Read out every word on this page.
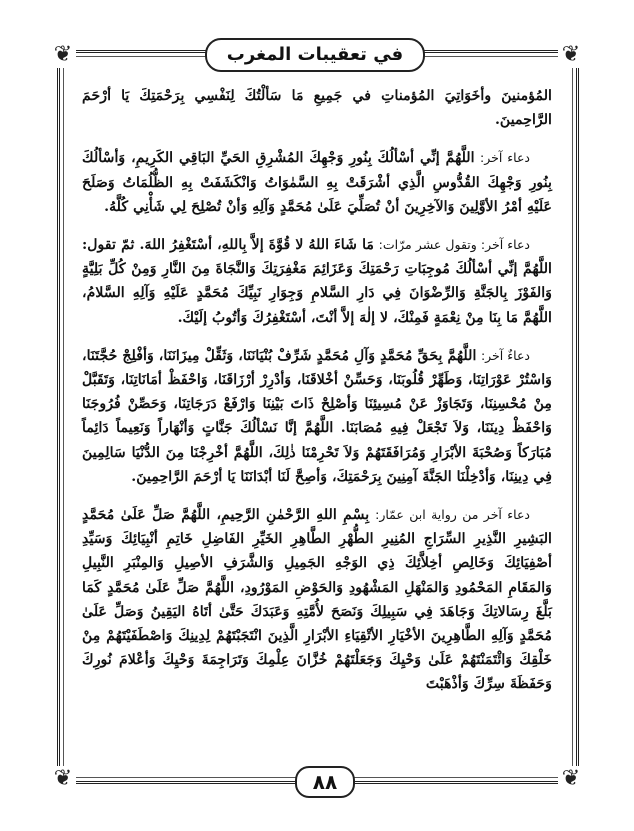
❦	❦
❦	❦
في تعقيبات المغرب

المُؤمنينَ وأخَوَاتِيَ المُؤمناتِ في جَمِيعِ مَا سَألْتُكَ لِنَفْسِي بِرَحْمَتِكَ يَا أرْحَمَ الرَّاحِمينَ.

دعاء آخر: اللَّهُمَّ إنِّي أسْألُكَ بِنُورِ وَجْهِكَ المُشْرِقِ الحَيِّ البَاقِي الكَرِيمِ، وَأسْألُكَ بِنُورِ وَجْهِكَ القُدُّوسِ الَّذِي أشْرَقَتْ بِهِ السَّمٰوَاتُ وَانْكَشَفَتْ بِهِ الظُّلُمَاتُ وَصَلَحَ عَلَيْهِ أمْرُ الأوَّلِينَ وَالآخِرِينَ أنْ تُصَلِّيَ عَلَىٰ مُحَمَّدٍ وَآلِهِ وَأنْ تُصْلِحَ لِي شَأْنِي كُلَّهُ.

دعاء آخر: وتقول عشر مرّات: مَا شَاءَ اللهُ لا قُوَّةَ إلاَّ بِاللهِ، أسْتَغْفِرُ اللهَ. ثمّ تقول: اللَّهُمَّ إنِّي أسْألُكَ مُوجِبَاتِ رَحْمَتِكَ وَعَزَائِمَ مَغْفِرَتِكَ وَالنَّجَاةَ مِنَ النَّارِ وَمِنْ كُلِّ بَلِيَّةٍ وَالفَوْزَ بِالجَنَّةِ وَالرِّضْوَانَ فِي دَارِ السَّلامِ وَجِوَارِ نَبِيِّكَ مُحَمَّدٍ عَلَيْهِ وَآلِهِ السَّلامُ، اللَّهُمَّ مَا بِنَا مِنْ نِعْمَةٍ فَمِنْكَ، لا إلٰهَ إلاَّ أنْتَ، أسْتَغْفِرُكَ وَأتُوبُ إلَيْكَ.

دعاءٌ آخر: اللَّهُمَّ بِحَقِّ مُحَمَّدٍ وَآلِ مُحَمَّدٍ شَرِّفْ بُنْيَانَنَا، وَثَقِّلْ مِيزَانَنَا، وَأفْلِجْ حُجَّتَنَا، وَاسْتُرْ عَوْرَاتِنَا، وَطَهِّرْ قُلُوبَنَا، وَحَسِّنْ أخْلاقَنَا، وَأدْرِرْ أرْزَاقَنَا، وَاحْفَظْ أمَانَاتِنَا، وَتَقَبَّلْ مِنْ مُحْسِنِنَا، وَتَجَاوَزْ عَنْ مُسِيئِنَا وَأصْلِحْ ذَاتَ بَيْنِنَا وَارْفَعْ دَرَجَاتِنَا، وَحَصِّنْ فُرُوجَنَا وَاحْفَظْ دِينَنَا، وَلاَ تَجْعَلْ فِيهِ مُصَابَنَا. اللَّهُمَّ إنَّا نَسْألُكَ جَنَّاتٍ وَأنْهَاراً وَنَعِيماً دَائِماً مُبَارَكاً وَصُحْبَةَ الأبْرَارِ وَمُرَافَقَتَهُمْ وَلاَ تَحْرِمْنَا ذٰلِكَ، اللَّهُمَّ أخْرِجْنَا مِنَ الدُّنْيَا سَالِمِينَ فِي دِينِنَا، وَأدْخِلْنَا الجَنَّةَ آمِنِينَ بِرَحْمَتِكَ، وَأصِحَّ لَنَا أبْدَانَنَا يَا أرْحَمَ الرَّاحِمِينَ.

دعاء آخر من رواية ابن عمّار: بِسْمِ اللهِ الرَّحْمٰنِ الرَّحِيمِ، اللَّهُمَّ صَلِّ عَلَىٰ مُحَمَّدٍ البَشِيرِ النَّذِيرِ السِّرَاجِ المُنِيرِ الطُّهْرِ الطَّاهِرِ الخَيِّرِ الفَاضِلِ خَاتِمِ أنْبِيَائِكَ وَسَيِّدِ أصْفِيَائِكَ وَخَالِصِ أخِلاَّئِكَ ذِي الوَجْهِ الجَمِيلِ وَالشَّرَفِ الأصِيلِ وَالمِنْبَرِ النَّبِيلِ وَالمَقَامِ المَحْمُودِ وَالمَنْهَلِ المَشْهُودِ وَالحَوْضِ المَوْرُودِ، اللَّهُمَّ صَلِّ عَلَىٰ مُحَمَّدٍ كَمَا بَلَّغَ رِسَالاتِكَ وَجَاهَدَ فِي سَبِيلِكَ وَنَصَحَ لأُمَّتِهِ وَعَبَدَكَ حَتَّىٰ أتَاهُ اليَقِينُ وَصَلِّ عَلَىٰ مُحَمَّدٍ وَآلِهِ الطَّاهِرِينَ الأخْيَارِ الأتْقِيَاءِ الأبْرَارِ الَّذِينَ انْتَجَبْتَهُمْ لِدِينِكَ وَاصْطَفَيْتَهُمْ مِنْ خَلْقِكَ وَائْتَمَنْتَهُمْ عَلَىٰ وَحْيِكَ وَجَعَلْتَهُمْ خُزَّانَ عِلْمِكَ وَتَرَاجِمَةَ وَحْيِكَ وَأعْلامَ نُورِكَ وَحَفَظَةَ سِرِّكَ وَأذْهَبْتَ

٨٨
